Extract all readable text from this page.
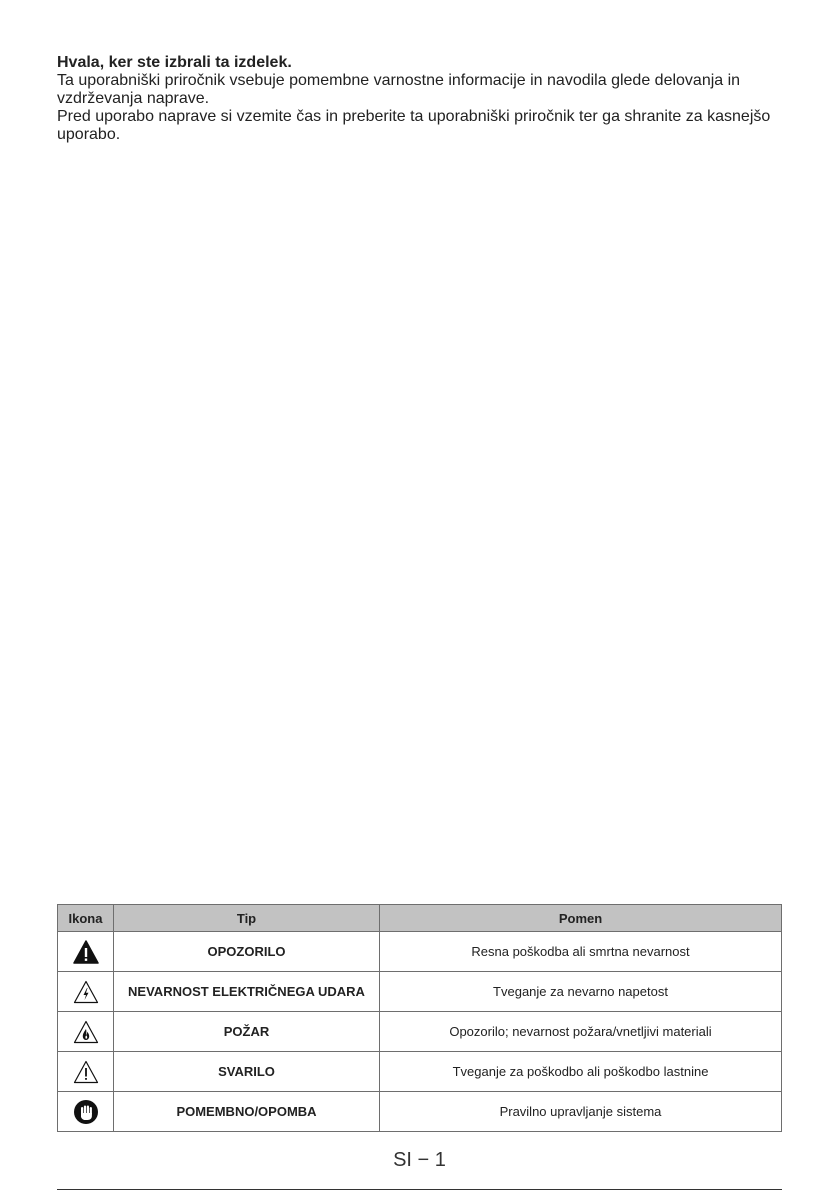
Hvala, ker ste izbrali ta izdelek.

Ta uporabniški priročnik vsebuje pomembne varnostne informacije in navodila glede delovanja in vzdrževanja naprave.

Pred uporabo naprave si vzemite čas in preberite ta uporabniški priročnik ter ga shranite za kasnejšo uporabo.

Ikona	Tip	Pomen

	OPOZORILO	Resna poškodba ali smrtna nevarnost

	NEVARNOST ELEKTRIČNEGA UDARA	Tveganje za nevarno napetost

	POŽAR	Opozorilo; nevarnost požara/vnetljivi materiali

	SVARILO	Tveganje za poškodbo ali poškodbo lastnine

	POMEMBNO/OPOMBA	Pravilno upravljanje sistema
SI − 1
